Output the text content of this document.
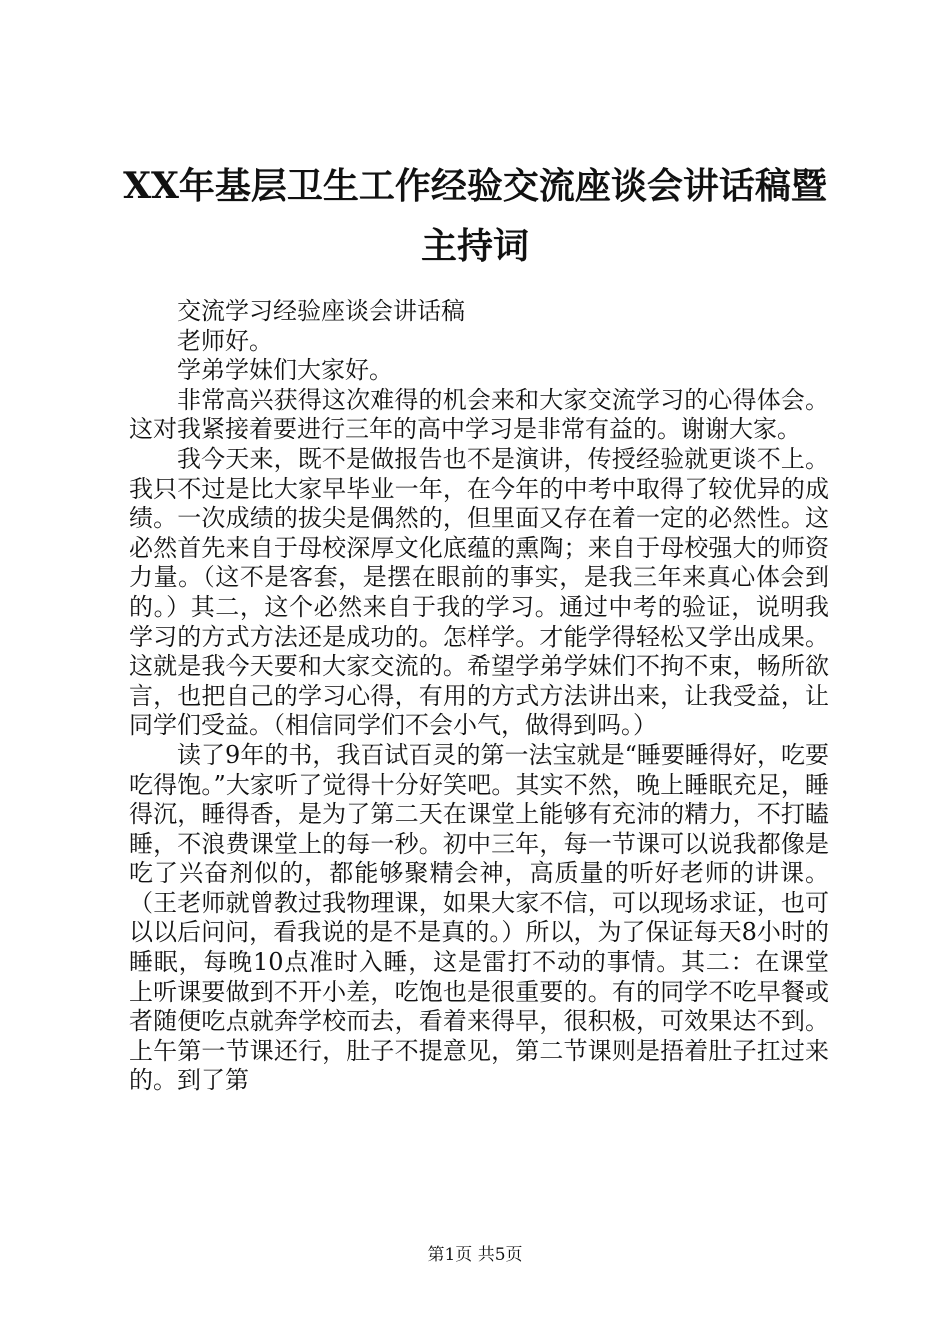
XX年基层卫生工作经验交流座谈会讲话稿暨
主持词

交流学习经验座谈会讲话稿

老师好。

学弟学妹们大家好。

非常高兴获得这次难得的机会来和大家交流学习的心得体会。这对我紧接着要进行三年的高中学习是非常有益的。谢谢大家。

我今天来，既不是做报告也不是演讲，传授经验就更谈不上。我只不过是比大家早毕业一年，在今年的中考中取得了较优异的成绩。一次成绩的拔尖是偶然的，但里面又存在着一定的必然性。这必然首先来自于母校深厚文化底蕴的熏陶；来自于母校强大的师资力量。（这不是客套，是摆在眼前的事实，是我三年来真心体会到的。）其二，这个必然来自于我的学习。通过中考的验证，说明我学习的方式方法还是成功的。怎样学。才能学得轻松又学出成果。这就是我今天要和大家交流的。希望学弟学妹们不拘不束，畅所欲言，也把自己的学习心得，有用的方式方法讲出来，让我受益，让同学们受益。（相信同学们不会小气，做得到吗。）

读了9年的书，我百试百灵的第一法宝就是“睡要睡得好，吃要吃得饱。”大家听了觉得十分好笑吧。其实不然，晚上睡眠充足，睡得沉，睡得香，是为了第二天在课堂上能够有充沛的精力，不打瞌睡，不浪费课堂上的每一秒。初中三年，每一节课可以说我都像是吃了兴奋剂似的，都能够聚精会神，高质量的听好老师的讲课。（王老师就曾教过我物理课，如果大家不信，可以现场求证，也可以以后问问，看我说的是不是真的。）所以，为了保证每天8小时的睡眠，每晚10点准时入睡，这是雷打不动的事情。其二：在课堂上听课要做到不开小差，吃饱也是很重要的。有的同学不吃早餐或者随便吃点就奔学校而去，看着来得早，很积极，可效果达不到。上午第一节课还行，肚子不提意见，第二节课则是捂着肚子扛过来的。到了第

第1页 共5页
